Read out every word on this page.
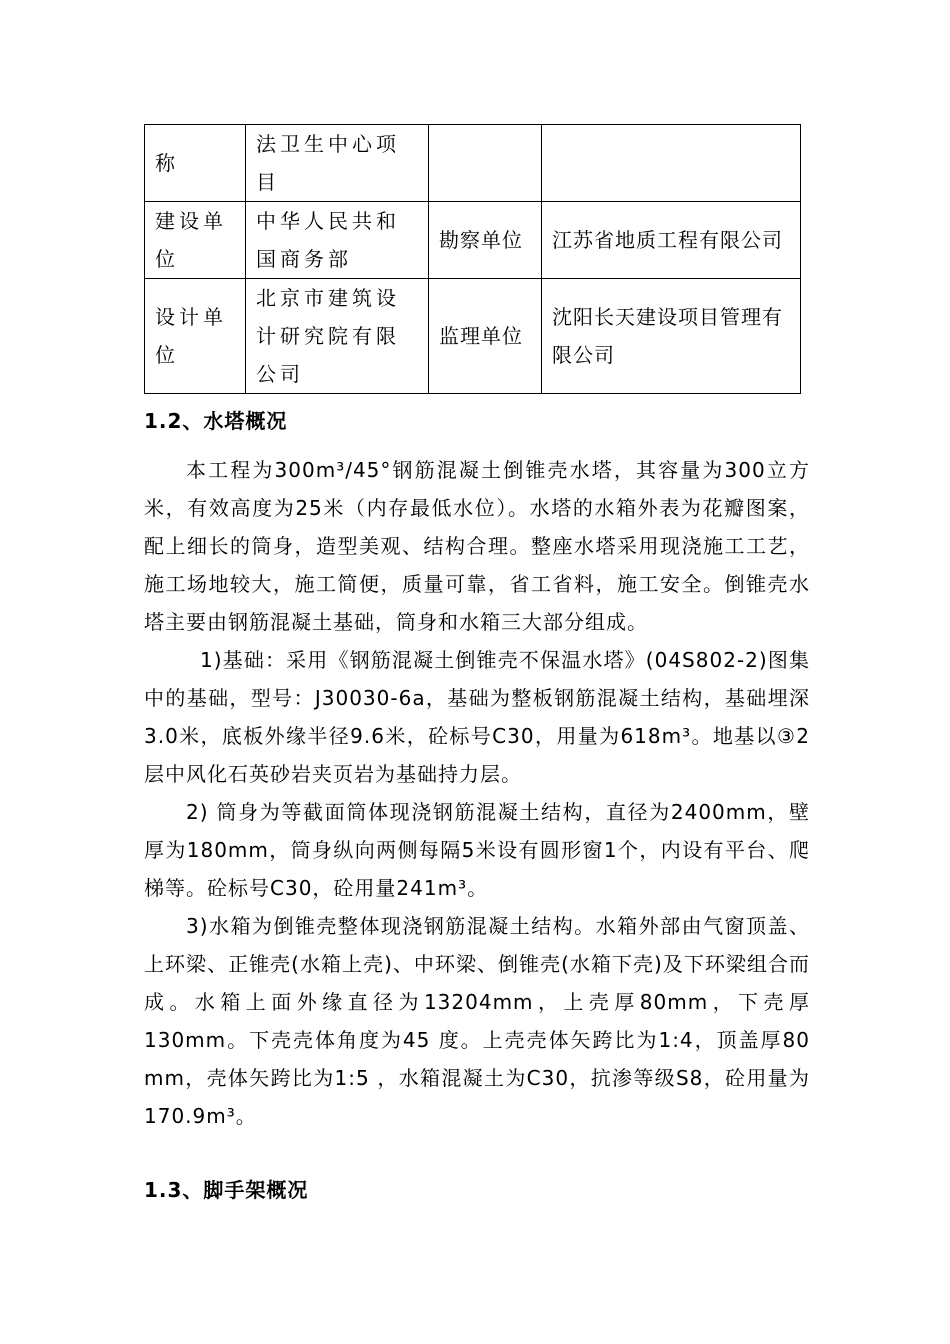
称	法卫生中心项目		
建设单位	中华人民共和国商务部	勘察单位	江苏省地质工程有限公司
设计单位	北京市建筑设计研究院有限公司	监理单位	沈阳长天建设项目管理有限公司
1.2、水塔概况

本工程为300m³/45°钢筋混凝土倒锥壳水塔，其容量为300立方米，有效高度为25米（内存最低水位）。水塔的水箱外表为花瓣图案，配上细长的筒身，造型美观、结构合理。整座水塔采用现浇施工工艺，施工场地较大，施工简便，质量可靠，省工省料，施工安全。倒锥壳水塔主要由钢筋混凝土基础，筒身和水箱三大部分组成。

1)基础：采用《钢筋混凝土倒锥壳不保温水塔》(04S802-2)图集中的基础，型号：J30030-6a，基础为整板钢筋混凝土结构，基础埋深3.0米，底板外缘半径9.6米，砼标号C30，用量为618m³。地基以③2层中风化石英砂岩夹页岩为基础持力层。

2) 筒身为等截面筒体现浇钢筋混凝土结构，直径为2400mm，壁厚为180mm，筒身纵向两侧每隔5米设有圆形窗1个，内设有平台、爬梯等。砼标号C30，砼用量241m³。

3)水箱为倒锥壳整体现浇钢筋混凝土结构。水箱外部由气窗顶盖、上环梁、正锥壳(水箱上壳)、中环梁、倒锥壳(水箱下壳)及下环梁组合而成。水箱上面外缘直径为13204mm，上壳厚80mm，下壳厚130mm。下壳壳体角度为45 度。上壳壳体矢跨比为1:4，顶盖厚80 mm，壳体矢跨比为1:5 ，水箱混凝土为C30，抗渗等级S8，砼用量为170.9m³。

1.3、脚手架概况
